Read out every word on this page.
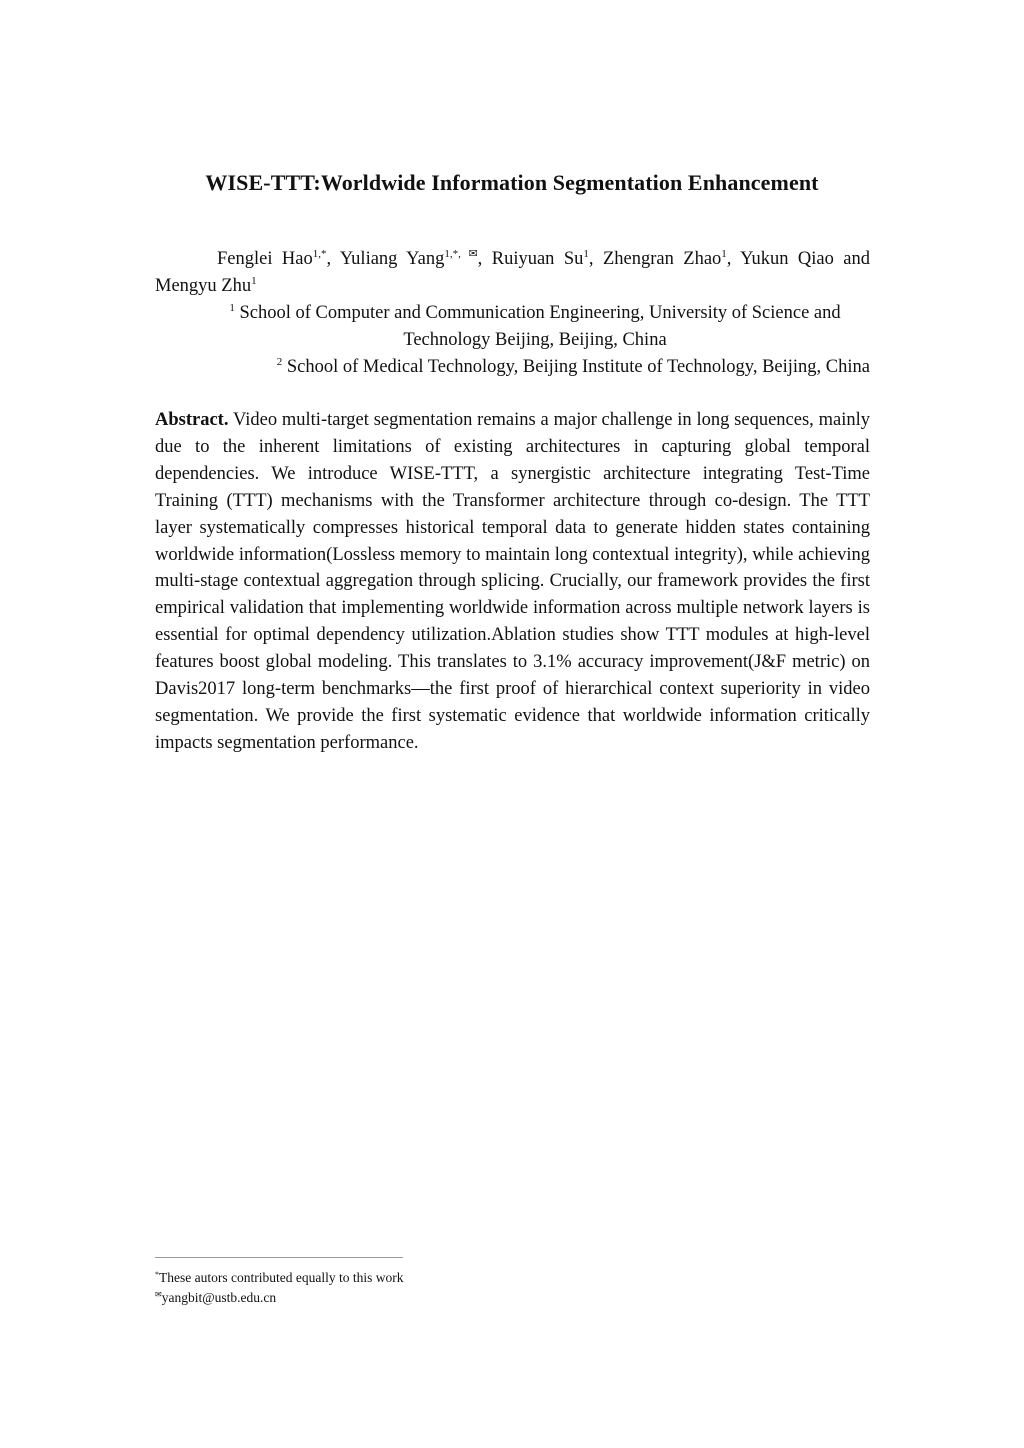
WISE-TTT:Worldwide Information Segmentation Enhancement
Fenglei Hao$^{1,*}$, Yuliang Yang$^{1,*, ✉}$, Ruiyuan Su$^1$, Zhengran Zhao$^1$, Yukun Qiao and Mengyu Zhu$^1$
$^1$ School of Computer and Communication Engineering, University of Science and Technology Beijing, Beijing, China
$^2$ School of Medical Technology, Beijing Institute of Technology, Beijing, China
Abstract. Video multi-target segmentation remains a major challenge in long sequences, mainly due to the inherent limitations of existing architectures in capturing global temporal dependencies. We introduce WISE-TTT, a synergistic architecture integrating Test-Time Training (TTT) mechanisms with the Transformer architecture through co-design. The TTT layer systematically compresses historical temporal data to generate hidden states containing worldwide information(Lossless memory to maintain long contextual integrity), while achieving multi-stage contextual aggregation through splicing. Crucially, our framework provides the first empirical validation that implementing worldwide information across multiple network layers is essential for optimal dependency utilization.Ablation studies show TTT modules at high-level features boost global modeling. This translates to 3.1% accuracy improvement(J&F metric) on Davis2017 long-term benchmarks—the first proof of hierarchical context superiority in video segmentation. We provide the first systematic evidence that worldwide information critically impacts segmentation performance.
*These autors contributed equally to this work
✉yangbit@ustb.edu.cn
